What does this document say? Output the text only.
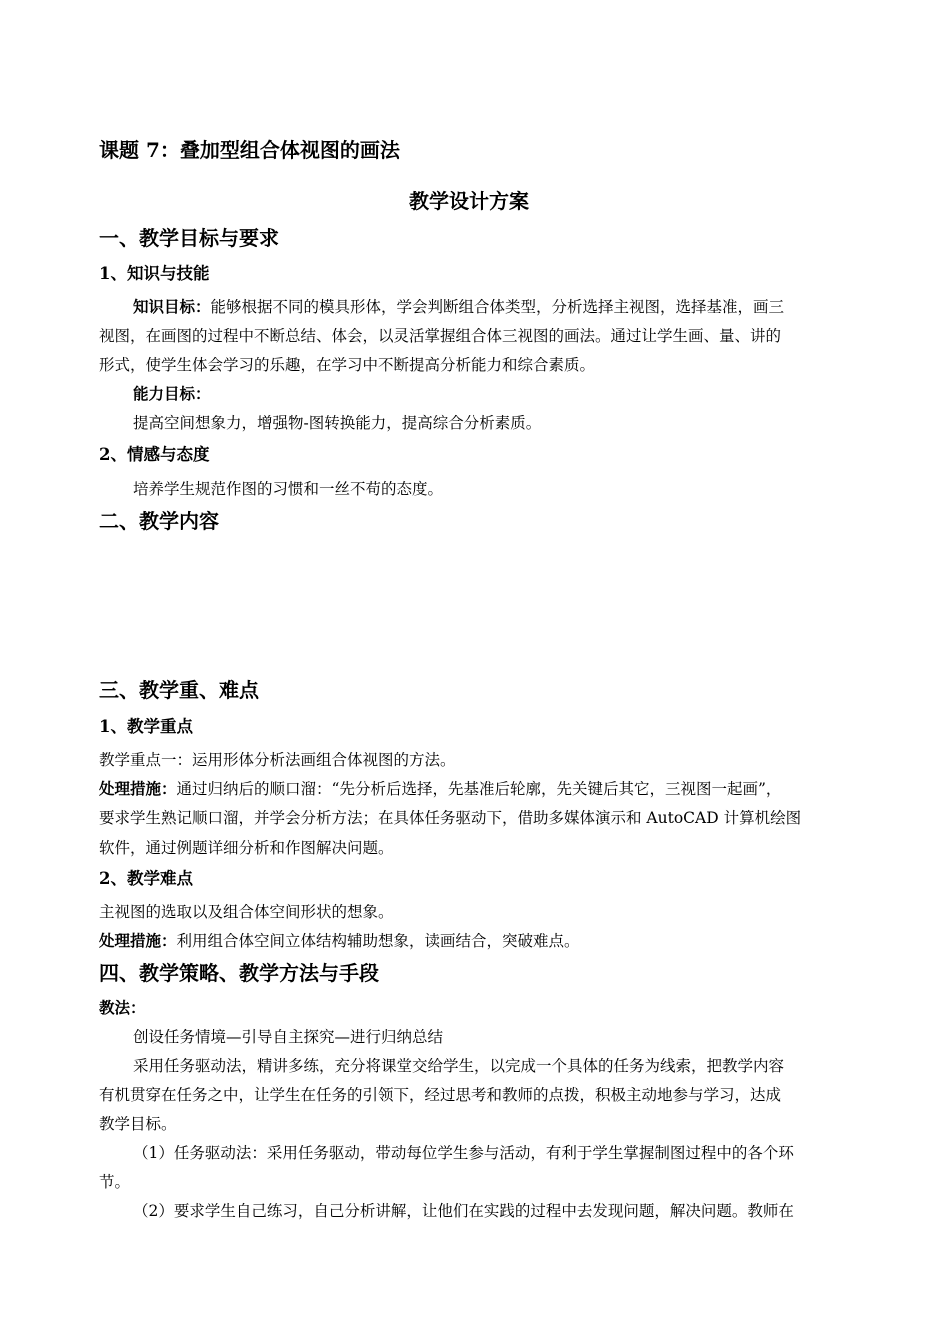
课题 7：叠加型组合体视图的画法
教学设计方案
一、教学目标与要求
1、知识与技能
知识目标：能够根据不同的模具形体，学会判断组合体类型，分析选择主视图，选择基准，画三
视图，在画图的过程中不断总结、体会，以灵活掌握组合体三视图的画法。通过让学生画、量、讲的
形式，使学生体会学习的乐趣，在学习中不断提高分析能力和综合素质。
能力目标：
提高空间想象力，增强物-图转换能力，提高综合分析素质。
2、情感与态度
培养学生规范作图的习惯和一丝不苟的态度。
二、教学内容
三、教学重、难点
1、教学重点
教学重点一：运用形体分析法画组合体视图的方法。
处理措施：通过归纳后的顺口溜：“先分析后选择，先基准后轮廓，先关键后其它，三视图一起画”，
要求学生熟记顺口溜，并学会分析方法；在具体任务驱动下，借助多媒体演示和 AutoCAD 计算机绘图
软件，通过例题详细分析和作图解决问题。
2、教学难点
主视图的选取以及组合体空间形状的想象。
处理措施：利用组合体空间立体结构辅助想象，读画结合，突破难点。
四、教学策略、教学方法与手段
教法：
创设任务情境—引导自主探究—进行归纳总结
采用任务驱动法，精讲多练，充分将课堂交给学生，以完成一个具体的任务为线索，把教学内容
有机贯穿在任务之中，让学生在任务的引领下，经过思考和教师的点拨，积极主动地参与学习，达成
教学目标。
（1）任务驱动法：采用任务驱动，带动每位学生参与活动，有利于学生掌握制图过程中的各个环
节。
（2）要求学生自己练习，自己分析讲解，让他们在实践的过程中去发现问题，解决问题。教师在
